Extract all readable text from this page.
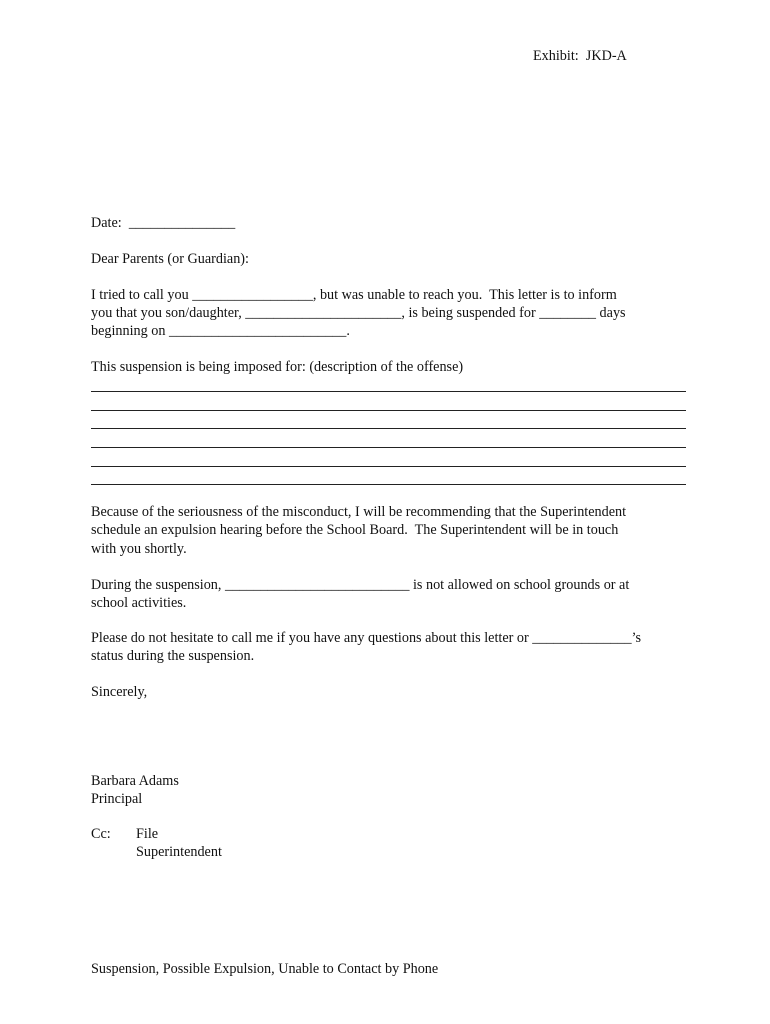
Exhibit:  JKD-A
Date:  _______________
Dear Parents (or Guardian):
I tried to call you _________________, but was unable to reach you.  This letter is to inform
you that you son/daughter, ______________________, is being suspended for ________ days
beginning on _________________________.
This suspension is being imposed for: (description of the offense)
Because of the seriousness of the misconduct, I will be recommending that the Superintendent
schedule an expulsion hearing before the School Board.  The Superintendent will be in touch
with you shortly.
During the suspension, __________________________ is not allowed on school grounds or at
school activities.
Please do not hesitate to call me if you have any questions about this letter or ______________’s
status during the suspension.
Sincerely,
Barbara Adams
Principal
Cc: File
Superintendent
Suspension, Possible Expulsion, Unable to Contact by Phone
